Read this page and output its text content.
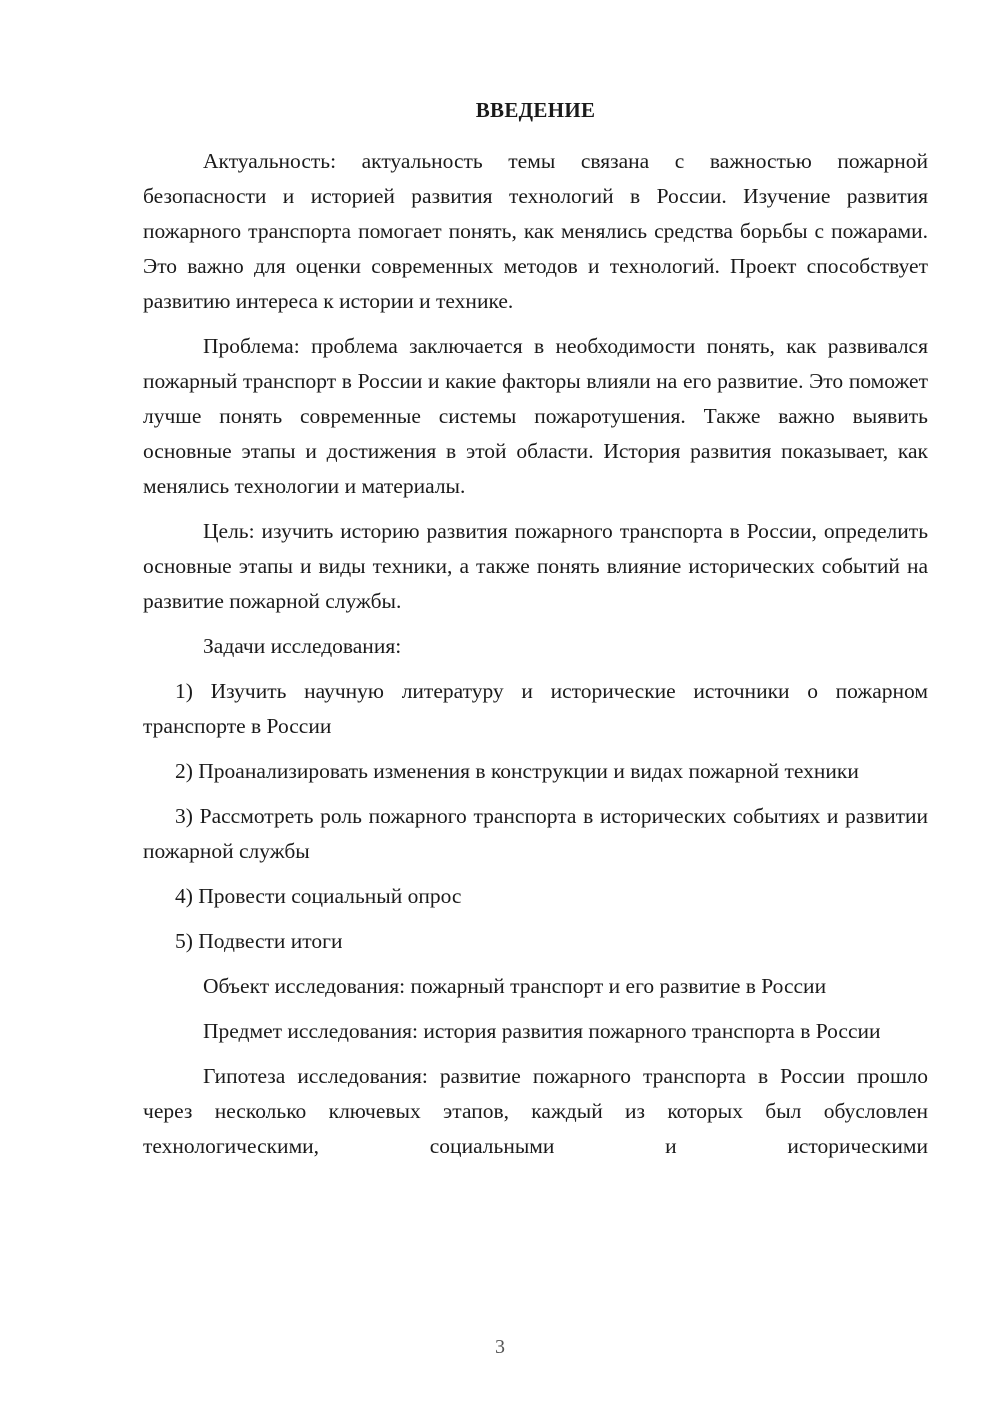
ВВЕДЕНИЕ

Актуальность: актуальность темы связана с важностью пожарной безопасности и историей развития технологий в России. Изучение развития пожарного транспорта помогает понять, как менялись средства борьбы с пожарами. Это важно для оценки современных методов и технологий. Проект способствует развитию интереса к истории и технике.

Проблема: проблема заключается в необходимости понять, как развивался пожарный транспорт в России и какие факторы влияли на его развитие. Это поможет лучше понять современные системы пожаротушения. Также важно выявить основные этапы и достижения в этой области. История развития показывает, как менялись технологии и материалы.

Цель: изучить историю развития пожарного транспорта в России, определить основные этапы и виды техники, а также понять влияние исторических событий на развитие пожарной службы.

Задачи исследования:

1) Изучить научную литературу и исторические источники о пожарном транспорте в России

2) Проанализировать изменения в конструкции и видах пожарной техники

3) Рассмотреть роль пожарного транспорта в исторических событиях и развитии пожарной службы

4) Провести социальный опрос

5) Подвести итоги

Объект исследования: пожарный транспорт и его развитие в России

Предмет исследования: история развития пожарного транспорта в России

Гипотеза исследования: развитие пожарного транспорта в России прошло через несколько ключевых этапов, каждый из которых был обусловлен технологическими, социальными и историческими

3
